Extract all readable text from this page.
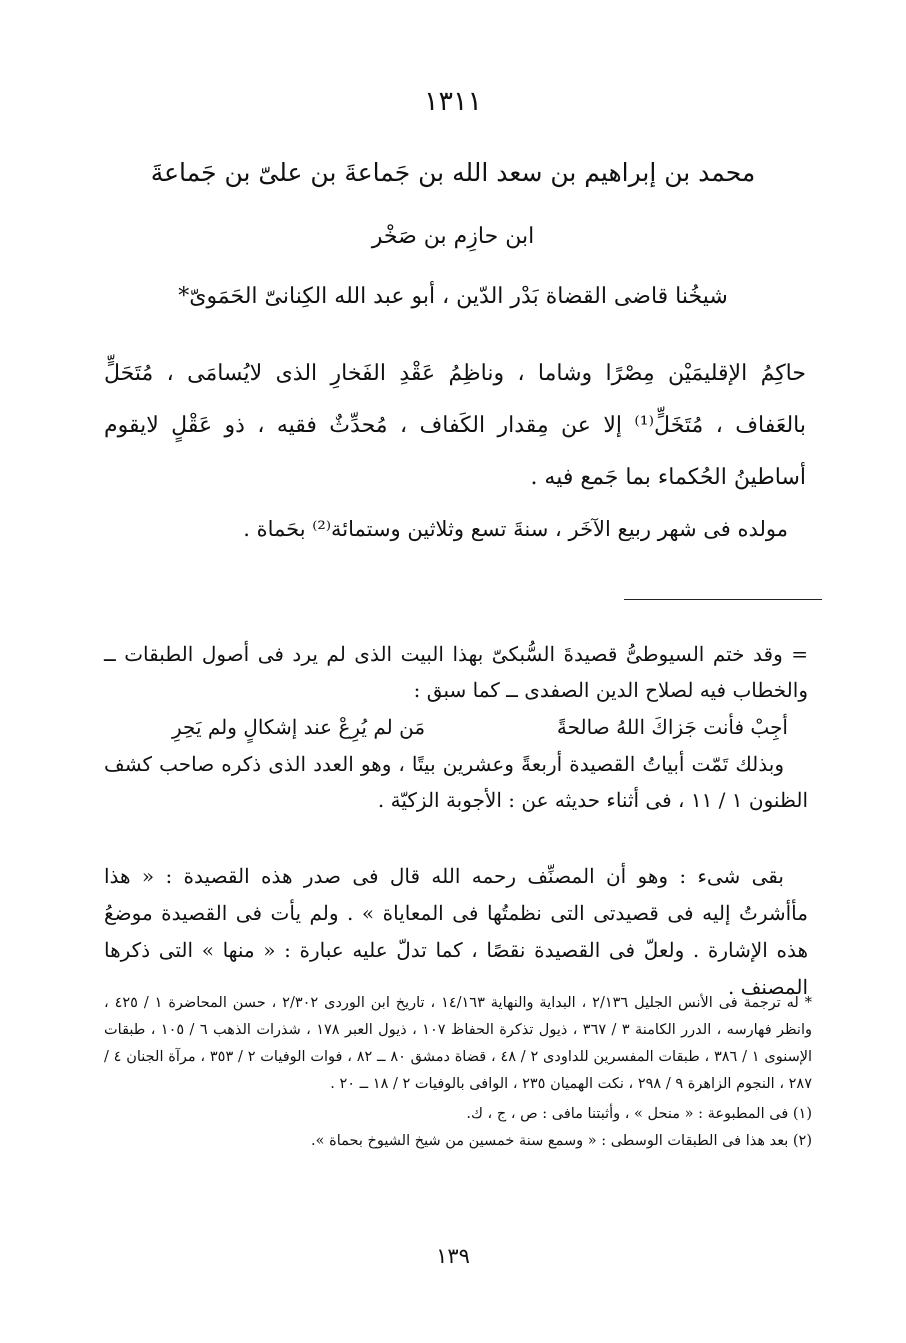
١٣١١
محمد بن إبراهيم بن سعد الله بن جَماعةَ بن علىّ بن جَماعةَ
ابن حازِم بن صَخْر
شيخُنا قاضى القضاة بَدْر الدّين ، أبو عبد الله الكِنانىّ الحَمَوىّ*

حاكِمُ الإقليمَيْن مِصْرًا وشاما ، وناظِمُ عَقْدِ الفَخارِ الذى لايُسامَى ، مُتَحَلٍّ بالعَفاف ، مُتَخَلٍّ⁽¹⁾ إلا عن مِقدار الكَفاف ، مُحدِّثٌ فقيه ، ذو عَقْلٍ لايقوم أساطينُ الحُكماء بما جَمع فيه .

مولده فى شهر ربيع الآخَر ، سنةَ تسع وثلاثين وستمائة⁽²⁾ بحَماة .

= وقد ختم السيوطىُّ قصيدةَ السُّبكىّ بهذا البيت الذى لم يرد فى أصول الطبقات ــ والخطاب فيه لصلاح الدين الصفدى ــ كما سبق :

أجِبْ فأنت جَزاكَ اللهُ صالحةً
مَن لم يُرِعْ عند إشكالٍ ولم يَحِرِ

وبذلك تَمّت أبياتُ القصيدة أربعةً وعشرين بيتًا ، وهو العدد الذى ذكره صاحب كشف الظنون ١ / ١١ ، فى أثناء حديثه عن : الأجوبة الزكيّة .

بقى شىء : وهو أن المصنِّف رحمه الله قال فى صدر هذه القصيدة : « هذا مأأشرتُ إليه فى قصيدتى التى نظمتُها فى المعاياة » . ولم يأت فى القصيدة موضعُ هذه الإشارة . ولعلّ فى القصيدة نقصًا ، كما تدلّ عليه عبارة : « منها » التى ذكرها المصنف .

* له ترجمة فى الأنس الجليل ٢/١٣٦ ، البداية والنهاية ١٤/١٦٣ ، تاريخ ابن الوردى ٢/٣٠٢ ، حسن المحاضرة ١ / ٤٢٥ ، وانظر فهارسه ، الدرر الكامنة ٣ / ٣٦٧ ، ذيول تذكرة الحفاظ ١٠٧ ، ذيول العبر ١٧٨ ، شذرات الذهب ٦ / ١٠٥ ، طبقات الإسنوى ١ / ٣٨٦ ، طبقات المفسرين للداودى ٢ / ٤٨ ، قضاة دمشق ٨٠ ــ ٨٢ ، فوات الوفيات ٢ / ٣٥٣ ، مرآة الجنان ٤ / ٢٨٧ ، النجوم الزاهرة ٩ / ٢٩٨ ، نكت الهميان ٢٣٥ ، الوافى بالوفيات ٢ / ١٨ ــ ٢٠ .

(١) فى المطبوعة : « منحل » ، وأثبتنا مافى : ص ، ج ، ك.

(٢) بعد هذا فى الطبقات الوسطى : « وسمع سنة خمسين من شيخ الشيوخ بحماة ».

١٣٩
